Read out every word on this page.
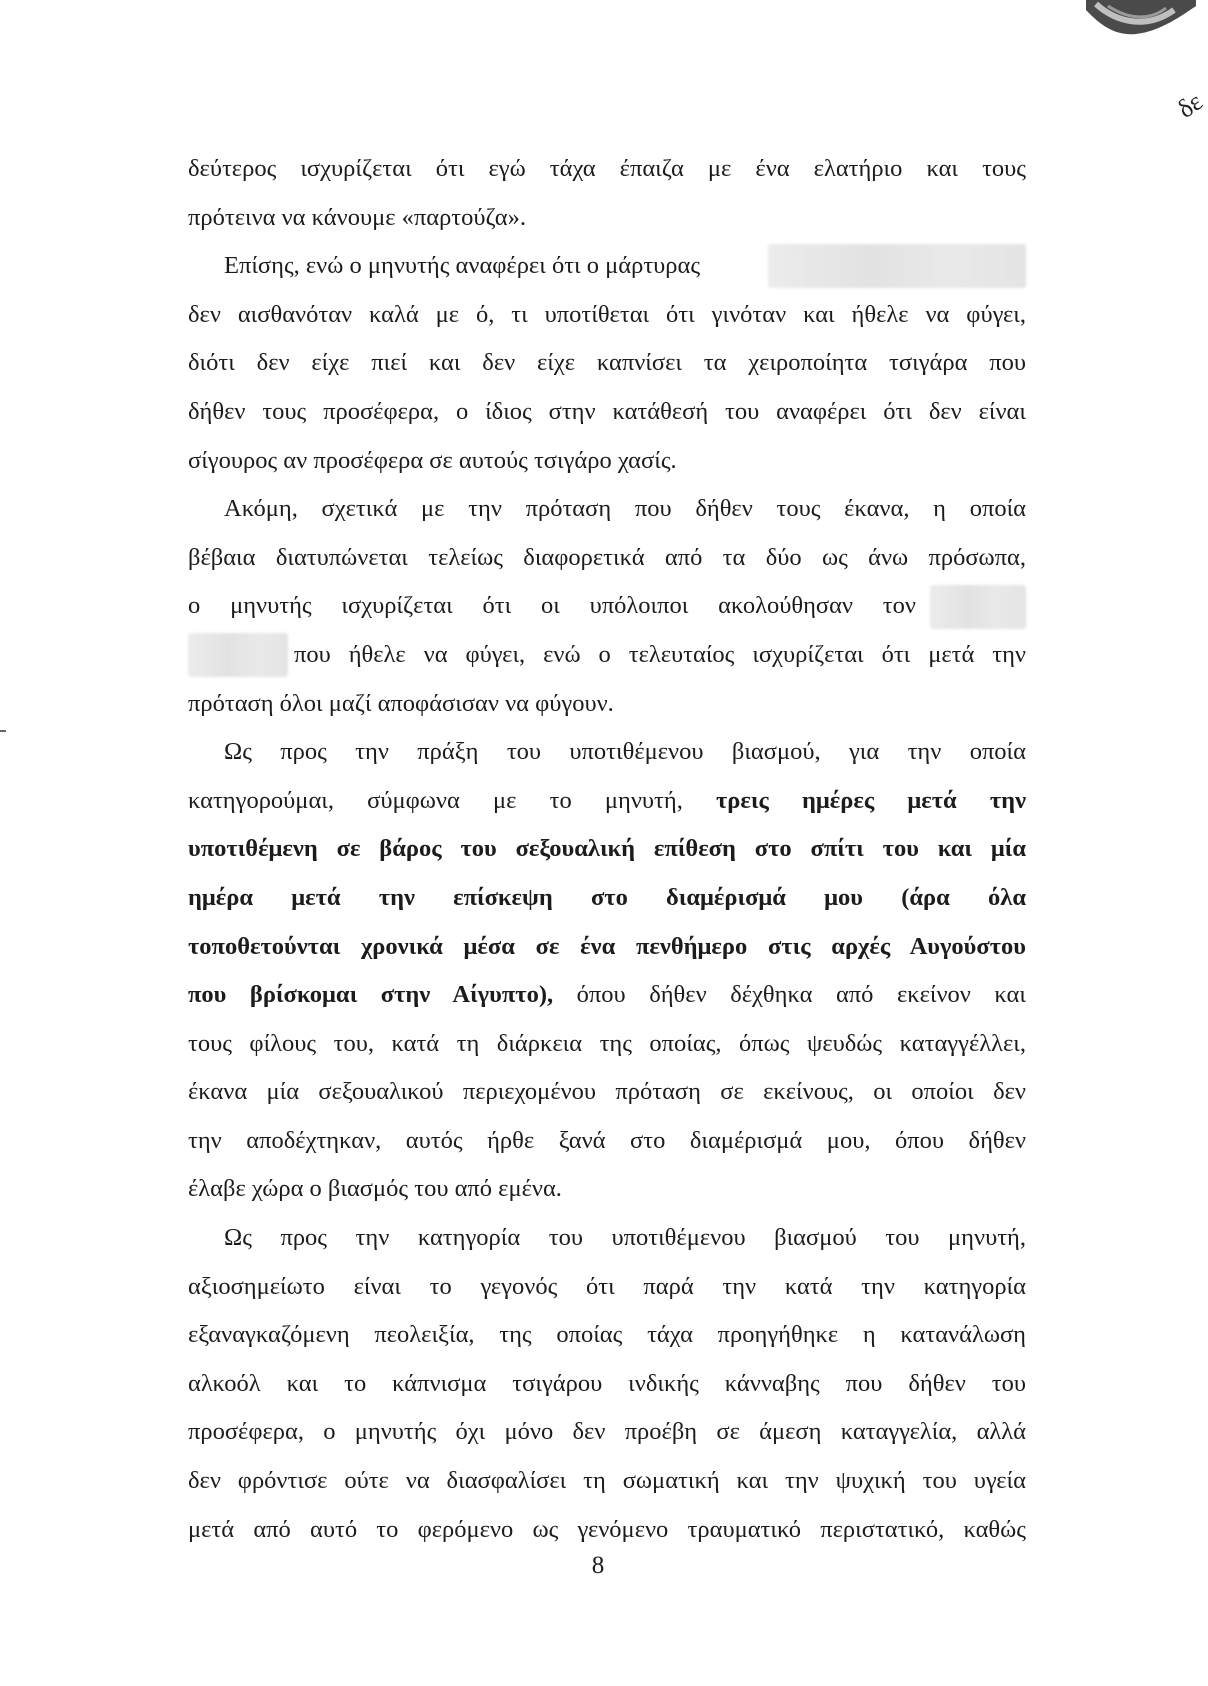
δε
δεύτερος ισχυρίζεται ότι εγώ τάχα έπαιζα με ένα ελατήριο και τους
πρότεινα να κάνουμε «παρτούζα».
Επίσης, ενώ ο μηνυτής αναφέρει ότι ο μάρτυρας
δεν αισθανόταν καλά με ό, τι υποτίθεται ότι γινόταν και ήθελε να φύγει,
διότι δεν είχε πιεί και δεν είχε καπνίσει τα χειροποίητα τσιγάρα που
δήθεν τους προσέφερα, ο ίδιος στην κατάθεσή του αναφέρει ότι δεν είναι
σίγουρος αν προσέφερα σε αυτούς τσιγάρο χασίς.
Ακόμη, σχετικά με την πρόταση που δήθεν τους έκανα, η οποία
βέβαια διατυπώνεται τελείως διαφορετικά από τα δύο ως άνω πρόσωπα,
ο μηνυτής ισχυρίζεται ότι οι υπόλοιποι ακολούθησαν τον
που ήθελε να φύγει, ενώ ο τελευταίος ισχυρίζεται ότι μετά την
πρόταση όλοι μαζί αποφάσισαν να φύγουν.
Ως προς την πράξη του υποτιθέμενου βιασμού, για την οποία
κατηγορούμαι, σύμφωνα με το μηνυτή, τρεις ημέρες μετά την
υποτιθέμενη σε βάρος του σεξουαλική επίθεση στο σπίτι του και μία
ημέρα μετά την επίσκεψη στο διαμέρισμά μου (άρα όλα
τοποθετούνται χρονικά μέσα σε ένα πενθήμερο στις αρχές Αυγούστου
που βρίσκομαι στην Αίγυπτο), όπου δήθεν δέχθηκα από εκείνον και
τους φίλους του, κατά τη διάρκεια της οποίας, όπως ψευδώς καταγγέλλει,
έκανα μία σεξουαλικού περιεχομένου πρόταση σε εκείνους, οι οποίοι δεν
την αποδέχτηκαν, αυτός ήρθε ξανά στο διαμέρισμά μου, όπου δήθεν
έλαβε χώρα ο βιασμός του από εμένα.
Ως προς την κατηγορία του υποτιθέμενου βιασμού του μηνυτή,
αξιοσημείωτο είναι το γεγονός ότι παρά την κατά την κατηγορία
εξαναγκαζόμενη πεολειξία, της οποίας τάχα προηγήθηκε η κατανάλωση
αλκοόλ και το κάπνισμα τσιγάρου ινδικής κάνναβης που δήθεν του
προσέφερα, ο μηνυτής όχι μόνο δεν προέβη σε άμεση καταγγελία, αλλά
δεν φρόντισε ούτε να διασφαλίσει τη σωματική και την ψυχική του υγεία
μετά από αυτό το φερόμενο ως γενόμενο τραυματικό περιστατικό, καθώς
8
